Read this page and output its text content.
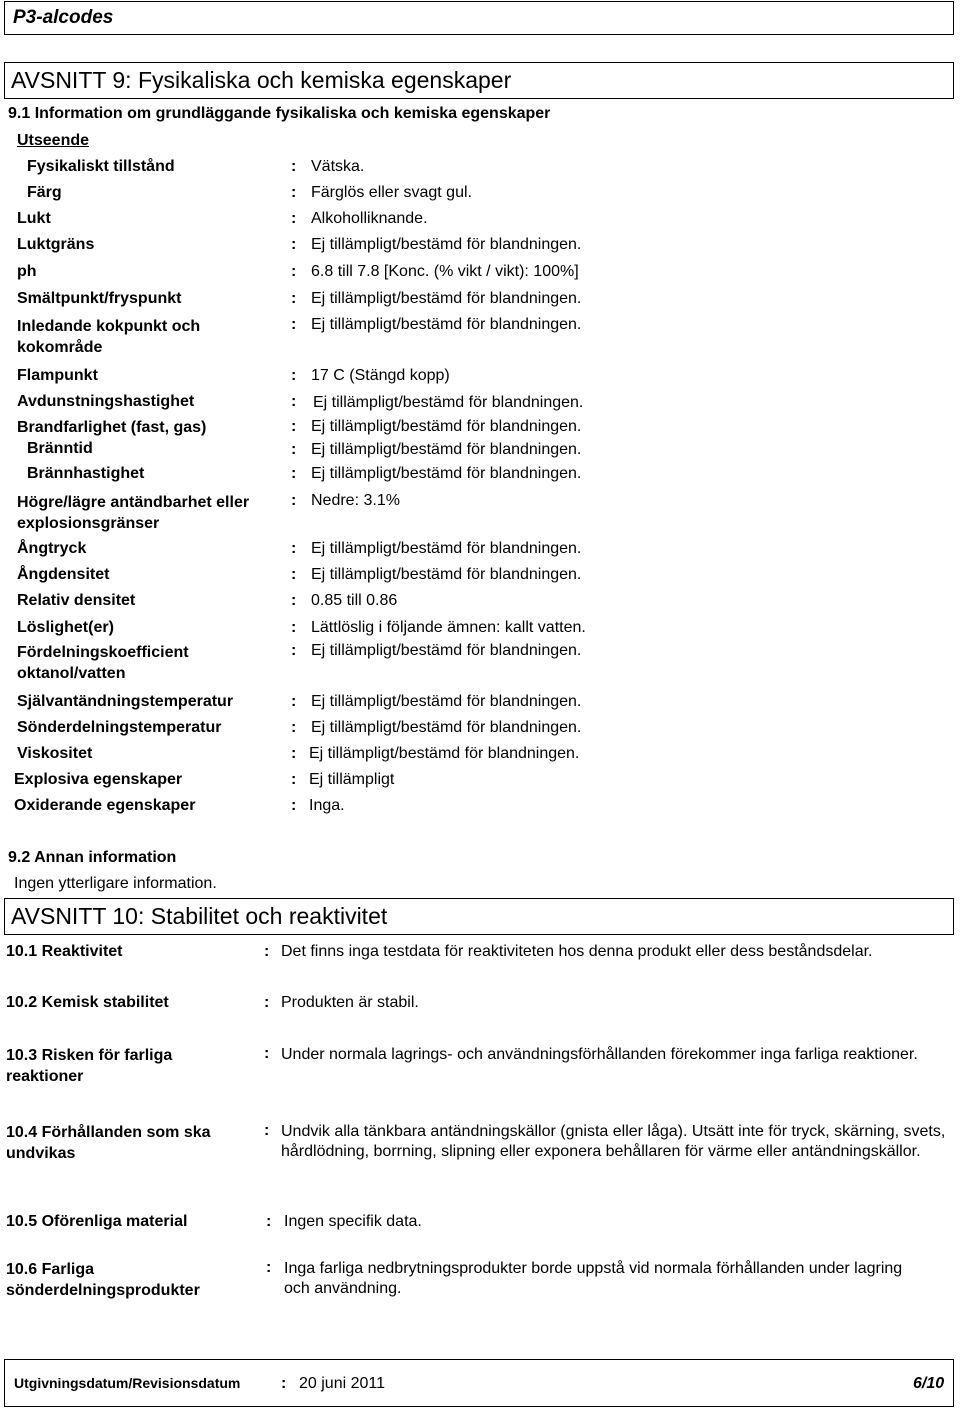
P3-alcodes
AVSNITT 9: Fysikaliska och kemiska egenskaper
9.1 Information om grundläggande fysikaliska och kemiska egenskaper
Utseende
Fysikaliskt tillstånd
Färg
Lukt
Luktgräns
ph
Smältpunkt/fryspunkt
Inledande kokpunkt och kokområde
Flampunkt
Avdunstningshastighet
Brandfarlighet (fast, gas)
Bränntid
Brännhastighet
Högre/lägre antändbarhet eller explosionsgränser
Ångtryck
Ångdensitet
Relativ densitet
Löslighet(er)
Fördelningskoefficient oktanol/vatten
Självantändningstemperatur
Sönderdelningstemperatur
Viskositet
Explosiva egenskaper
Oxiderande egenskaper
:
:
:
:
:
:
:
:
:
:
:
:
:
:
:
:
:
:
:
:
:
:
:
Vätska.
Färglös eller svagt gul.
Alkoholliknande.
Ej tillämpligt/bestämd för blandningen.
6.8 till 7.8 [Konc. (% vikt / vikt): 100%]
Ej tillämpligt/bestämd för blandningen.
Ej tillämpligt/bestämd för blandningen.
17 C (Stängd kopp)
Ej tillämpligt/bestämd för blandningen.
Ej tillämpligt/bestämd för blandningen.
Ej tillämpligt/bestämd för blandningen.
Ej tillämpligt/bestämd för blandningen.
Nedre: 3.1%
Ej tillämpligt/bestämd för blandningen.
Ej tillämpligt/bestämd för blandningen.
0.85 till 0.86
Lättlöslig i följande ämnen: kallt vatten.
Ej tillämpligt/bestämd för blandningen.
Ej tillämpligt/bestämd för blandningen.
Ej tillämpligt/bestämd för blandningen.
Ej tillämpligt/bestämd för blandningen.
Ej tillämpligt
Inga.
9.2 Annan information
Ingen ytterligare information.
AVSNITT 10: Stabilitet och reaktivitet
10.1 Reaktivitet
10.2 Kemisk stabilitet
10.3 Risken för farliga reaktioner
10.4 Förhållanden som ska undvikas
10.5 Oförenliga material
10.6 Farliga sönderdelningsprodukter
:
:
:
:
:
:
Det finns inga testdata för reaktiviteten hos denna produkt eller dess beståndsdelar.
Produkten är stabil.
Under normala lagrings- och användningsförhållanden förekommer inga farliga reaktioner.
Undvik alla tänkbara antändningskällor (gnista eller låga). Utsätt inte för tryck, skärning, svets, hårdlödning, borrning, slipning eller exponera behållaren för värme eller antändningskällor.
Ingen specifik data.
Inga farliga nedbrytningsprodukter borde uppstå vid normala förhållanden under lagring och användning.
Utgivningsdatum/Revisionsdatum	: 20 juni 2011	6/10
